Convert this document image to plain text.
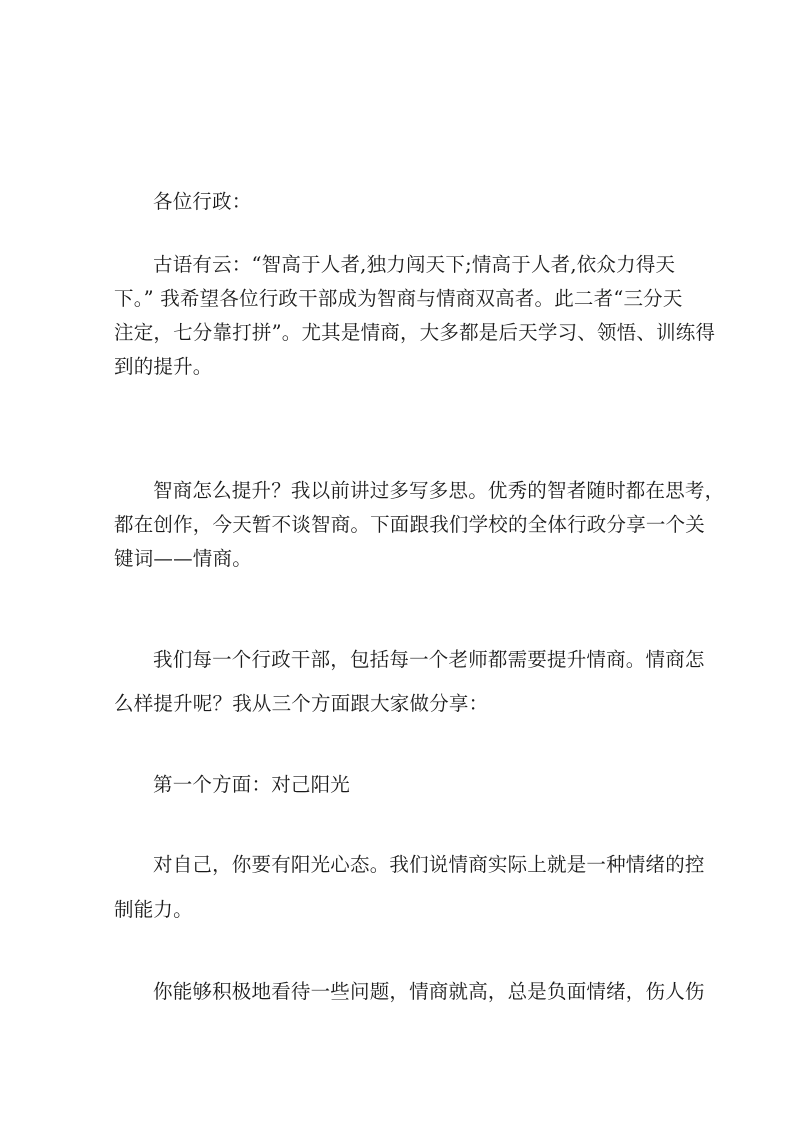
各位行政：
古语有云：“智高于人者,独力闯天下;情高于人者,依众力得天
下。” 我希望各位行政干部成为智商与情商双高者。此二者“三分天
注定，七分靠打拼”。尤其是情商，大多都是后天学习、领悟、训练得
到的提升。
智商怎么提升？我以前讲过多写多思。优秀的智者随时都在思考，
都在创作，今天暂不谈智商。下面跟我们学校的全体行政分享一个关
键词——情商。
我们每一个行政干部，包括每一个老师都需要提升情商。情商怎
么样提升呢？我从三个方面跟大家做分享：
第一个方面：对己阳光
对自己，你要有阳光心态。我们说情商实际上就是一种情绪的控
制能力。
你能够积极地看待一些问题，情商就高，总是负面情绪，伤人伤
